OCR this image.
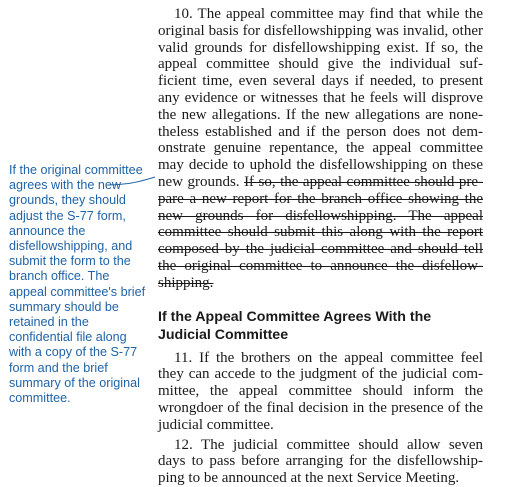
If the original committee agrees with the new grounds, they should adjust the S-77 form, announce the disfellowshipping, and submit the form to the branch office. The appeal committee's brief summary should be retained in the confidential file along with a copy of the S-77 form and the brief summary of the original committee.

10. The appeal committee may find that while the original basis for disfellowshipping was invalid, other valid grounds for disfellowshipping exist. If so, the appeal committee should give the individual sufficient time, even several days if needed, to present any evidence or witnesses that he feels will disprove the new allegations. If the new allegations are nonetheless established and if the person does not demonstrate genuine repentance, the appeal committee may decide to uphold the disfellowshipping on these new grounds. If so, the appeal committee should prepare a new report for the branch office showing the new grounds for disfellowshipping. The appeal committee should submit this along with the report composed by the judicial committee and should tell the original committee to announce the disfellowshipping.

If the Appeal Committee Agrees With the Judicial Committee

11. If the brothers on the appeal committee feel they can accede to the judgment of the judicial committee, the appeal committee should inform the wrongdoer of the final decision in the presence of the judicial committee.

12. The judicial committee should allow seven days to pass before arranging for the disfellowshipping to be announced at the next Service Meeting.
